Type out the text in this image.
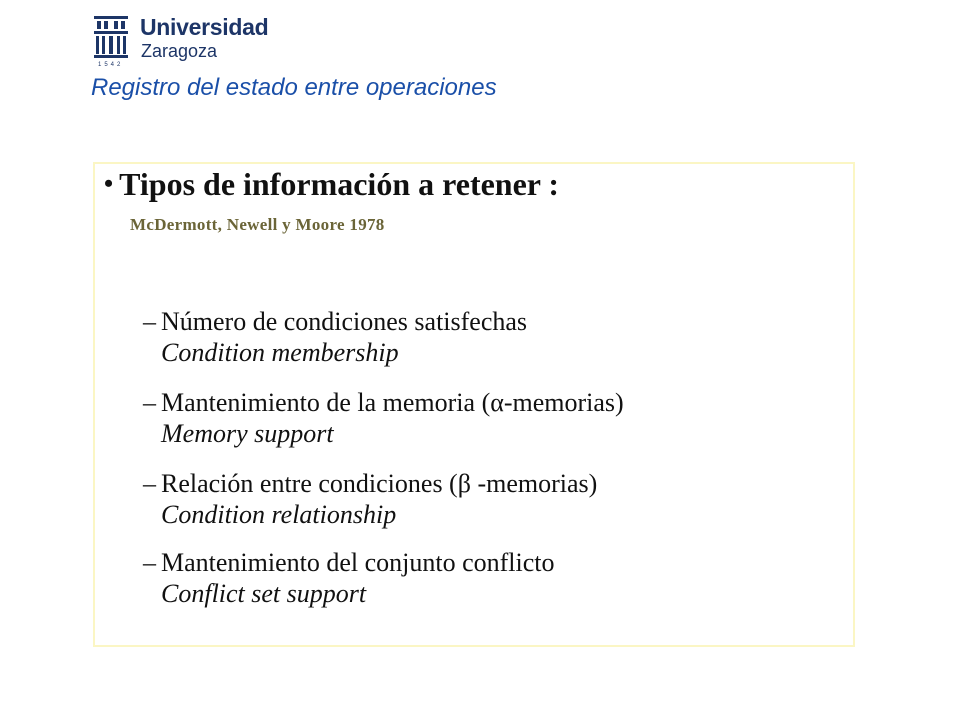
Universidad
Zaragoza
1542
Registro del estado entre operaciones
• Tipos de información a retener :
McDermott, Newell y Moore 1978
– Número de condiciones satisfechas
Condition membership
– Mantenimiento de la memoria (α-memorias)
Memory support
– Relación entre condiciones (β -memorias)
Condition relationship
– Mantenimiento del conjunto conflicto
Conflict set support
